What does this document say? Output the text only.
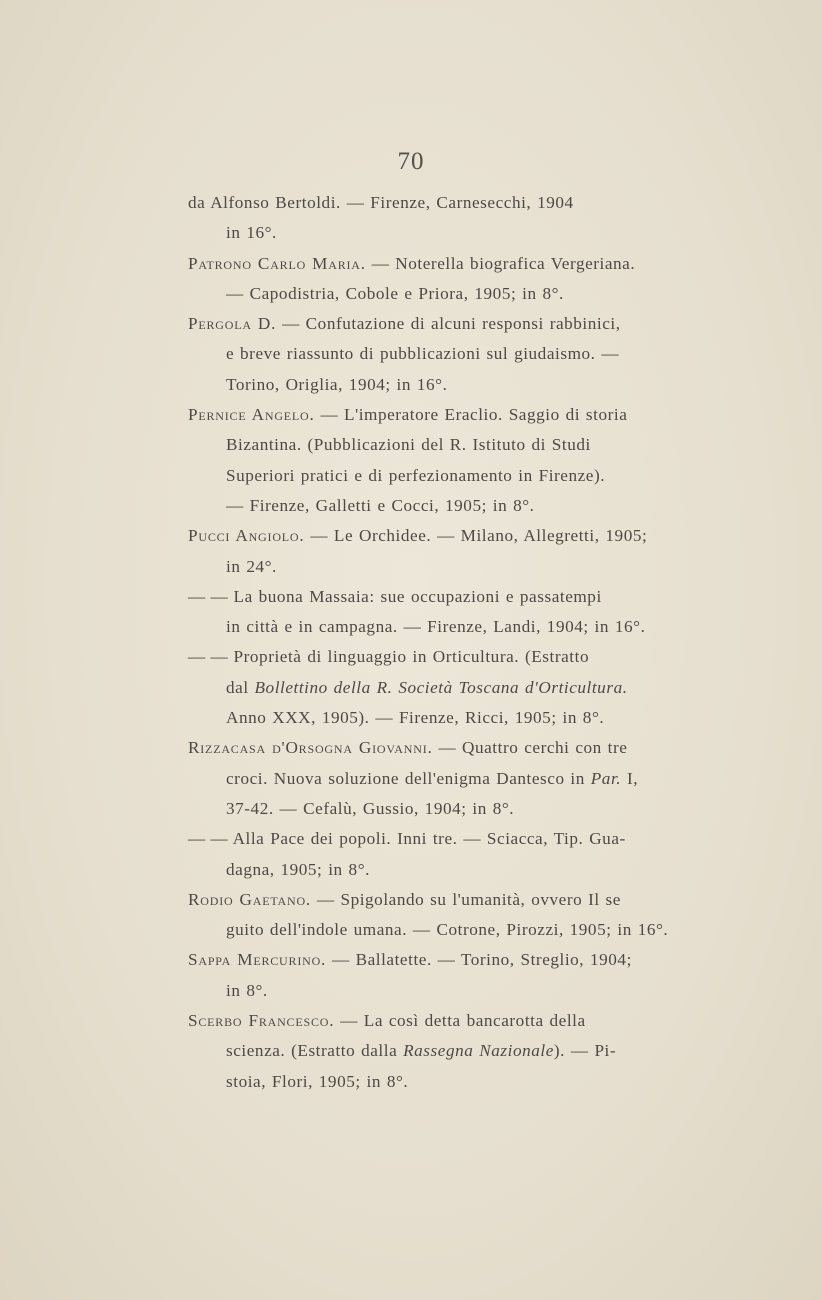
70
da Alfonso Bertoldi. — Firenze, Carnesecchi, 1904
in 16°.
Patrono Carlo Maria. — Noterella biografica Vergeriana.
— Capodistria, Cobole e Priora, 1905; in 8°.
Pergola D. — Confutazione di alcuni responsi rabbinici,
e breve riassunto di pubblicazioni sul giudaismo. —
Torino, Origlia, 1904; in 16°.
Pernice Angelo. — L'imperatore Eraclio. Saggio di storia
Bizantina. (Pubblicazioni del R. Istituto di Studi
Superiori pratici e di perfezionamento in Firenze).
— Firenze, Galletti e Cocci, 1905; in 8°.
Pucci Angiolo. — Le Orchidee. — Milano, Allegretti, 1905;
in 24°.
— — La buona Massaia: sue occupazioni e passatempi
in città e in campagna. — Firenze, Landi, 1904; in 16°.
— — Proprietà di linguaggio in Orticultura. (Estratto
dal Bollettino della R. Società Toscana d'Orticultura.
Anno XXX, 1905). — Firenze, Ricci, 1905; in 8°.
Rizzacasa d'Orsogna Giovanni. — Quattro cerchi con tre
croci. Nuova soluzione dell'enigma Dantesco in Par. I,
37-42. — Cefalù, Gussio, 1904; in 8°.
— — Alla Pace dei popoli. Inni tre. — Sciacca, Tip. Gua-
dagna, 1905; in 8°.
Rodio Gaetano. — Spigolando su l'umanità, ovvero Il se
guito dell'indole umana. — Cotrone, Pirozzi, 1905; in 16°.
Sappa Mercurino. — Ballatette. — Torino, Streglio, 1904;
in 8°.
Scerbo Francesco. — La così detta bancarotta della
scienza. (Estratto dalla Rassegna Nazionale). — Pi-
stoia, Flori, 1905; in 8°.
